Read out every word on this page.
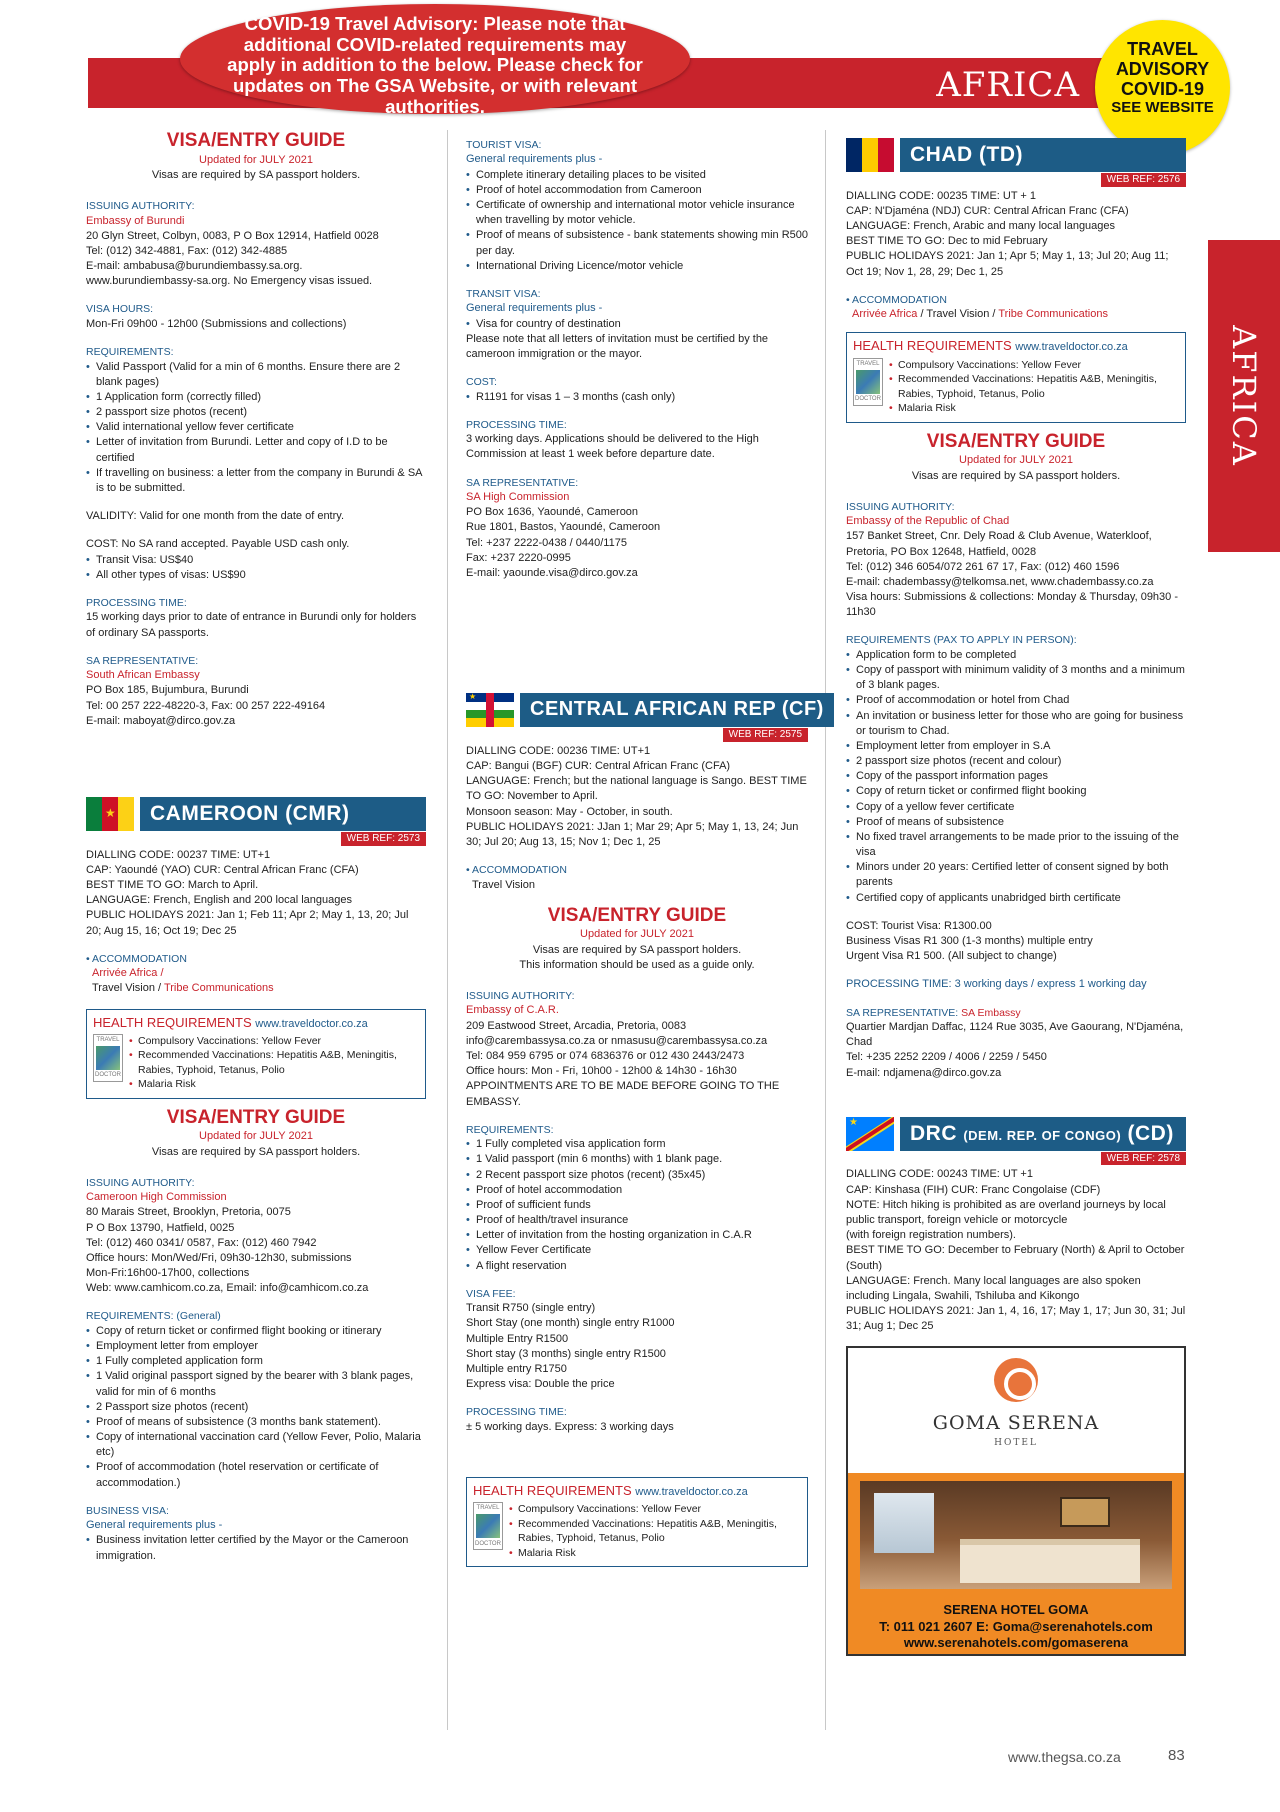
COVID-19 Travel Advisory: Please note that additional COVID-related requirements may apply in addition to the below. Please check for updates on The GSA Website, or with relevant authorities.
AFRICA
TRAVEL
ADVISORY
COVID-19
SEE WEBSITE
AFRICA
VISA/ENTRY GUIDE
Updated for JULY 2021
Visas are required by SA passport holders.
ISSUING AUTHORITY:

Embassy of Burundi

20 Glyn Street, Colbyn, 0083, P O Box 12914, Hatfield 0028

Tel: (012) 342-4881, Fax: (012) 342-4885

E-mail: ambabusa@burundiembassy.sa.org.

www.burundiembassy-sa.org. No Emergency visas issued.

VISA HOURS:

Mon-Fri 09h00 - 12h00 (Submissions and collections)

REQUIREMENTS:
• Valid Passport (Valid for a min of 6 months. Ensure there are 2 blank pages)
• 1 Application form (correctly filled)
• 2 passport size photos (recent)
• Valid international yellow fever certificate
• Letter of invitation from Burundi. Letter and copy of I.D to be certified
• If travelling on business: a letter from the company in Burundi & SA is to be submitted.

VALIDITY: Valid for one month from the date of entry.

COST: No SA rand accepted. Payable USD cash only.

• Transit Visa: US$40
• All other types of visas: US$90
PROCESSING TIME:

15 working days prior to date of entrance in Burundi only for holders of ordinary SA passports.

SA REPRESENTATIVE:

South African Embassy

PO Box 185, Bujumbura, Burundi

Tel: 00 257 222-48220-3, Fax: 00 257 222-49164

E-mail: maboyat@dirco.gov.za

★	CAMEROON (CMR)
WEB REF: 2573

DIALLING CODE: 00237 TIME: UT+1

CAP: Yaoundé (YAO) CUR: Central African Franc (CFA)

BEST TIME TO GO: March to April.

LANGUAGE: French, English and 200 local languages

PUBLIC HOLIDAYS 2021: Jan 1; Feb 11; Apr 2; May 1, 13, 20; Jul 20; Aug 15, 16; Oct 19; Dec 25

• ACCOMMODATION

Arrivée Africa /

Travel Vision / Tribe Communications

HEALTH REQUIREMENTS www.traveldoctor.co.za
TRAVEL
DOCTOR
• Compulsory Vaccinations: Yellow Fever
• Recommended Vaccinations: Hepatitis A&B, Meningitis, Rabies, Typhoid, Tetanus, Polio
• Malaria Risk
VISA/ENTRY GUIDE
Updated for JULY 2021
Visas are required by SA passport holders.
ISSUING AUTHORITY:

Cameroon High Commission

80 Marais Street, Brooklyn, Pretoria, 0075

P O Box 13790, Hatfield, 0025

Tel: (012) 460 0341/ 0587, Fax: (012) 460 7942

Office hours: Mon/Wed/Fri, 09h30-12h30, submissions

Mon-Fri:16h00-17h00, collections

Web: www.camhicom.co.za, Email: info@camhicom.co.za

REQUIREMENTS: (General)
• Copy of return ticket or confirmed flight booking or itinerary
• Employment letter from employer
• 1 Fully completed application form
• 1 Valid original passport signed by the bearer with 3 blank pages, valid for min of 6 months
• 2 Passport size photos (recent)
• Proof of means of subsistence (3 months bank statement).
• Copy of international vaccination card (Yellow Fever, Polio, Malaria etc)
• Proof of accommodation (hotel reservation or certificate of accommodation.)
BUSINESS VISA:

General requirements plus -

• Business invitation letter certified by the Mayor or the Cameroon immigration.
TOURIST VISA:

General requirements plus -

• Complete itinerary detailing places to be visited
• Proof of hotel accommodation from Cameroon
• Certificate of ownership and international motor vehicle insurance when travelling by motor vehicle.
• Proof of means of subsistence - bank statements showing min R500 per day.
• International Driving Licence/motor vehicle
TRANSIT VISA:

General requirements plus -

• Visa for country of destination

Please note that all letters of invitation must be certified by the cameroon immigration or the mayor.

COST:
• R1191 for visas 1 – 3 months (cash only)
PROCESSING TIME:

3 working days. Applications should be delivered to the High Commission at least 1 week before departure date.

SA REPRESENTATIVE:

SA High Commission

PO Box 1636, Yaoundé, Cameroon

Rue 1801, Bastos, Yaoundé, Cameroon

Tel: +237 2222-0438 / 0440/1175

Fax: +237 2220-0995

E-mail: yaounde.visa@dirco.gov.za

★
CENTRAL AFRICAN REP (CF)
WEB REF: 2575

DIALLING CODE: 00236 TIME: UT+1

CAP: Bangui (BGF) CUR: Central African Franc (CFA)

LANGUAGE: French; but the national language is Sango. BEST TIME TO GO: November to April.

Monsoon season: May - October, in south.

PUBLIC HOLIDAYS 2021: JJan 1; Mar 29; Apr 5; May 1, 13, 24; Jun 30; Jul 20; Aug 13, 15; Nov 1; Dec 1, 25

• ACCOMMODATION

Travel Vision

VISA/ENTRY GUIDE
Updated for JULY 2021
Visas are required by SA passport holders.
This information should be used as a guide only.
ISSUING AUTHORITY:

Embassy of C.A.R.

209 Eastwood Street, Arcadia, Pretoria, 0083

info@carembassysa.co.za or nmasusu@carembassysa.co.za

Tel: 084 959 6795 or 074 6836376 or 012 430 2443/2473

Office hours: Mon - Fri, 10h00 - 12h00 & 14h30 - 16h30

APPOINTMENTS ARE TO BE MADE BEFORE GOING TO THE EMBASSY.

REQUIREMENTS:
• 1 Fully completed visa application form
• 1 Valid passport (min 6 months) with 1 blank page.
• 2 Recent passport size photos (recent) (35x45)
• Proof of hotel accommodation
• Proof of sufficient funds
• Proof of health/travel insurance
• Letter of invitation from the hosting organization in C.A.R
• Yellow Fever Certificate
• A flight reservation
VISA FEE:

Transit R750 (single entry)

Short Stay (one month) single entry R1000

Multiple Entry R1500

Short stay (3 months) single entry R1500

Multiple entry R1750

Express visa: Double the price

PROCESSING TIME:

± 5 working days. Express: 3 working days

HEALTH REQUIREMENTS www.traveldoctor.co.za
TRAVEL
DOCTOR
• Compulsory Vaccinations: Yellow Fever
• Recommended Vaccinations: Hepatitis A&B, Meningitis, Rabies, Typhoid, Tetanus, Polio
• Malaria Risk
CHAD (TD)
WEB REF: 2576

DIALLING CODE: 00235 TIME: UT + 1

CAP: N'Djaména (NDJ) CUR: Central African Franc (CFA)

LANGUAGE: French, Arabic and many local languages

BEST TIME TO GO: Dec to mid February

PUBLIC HOLIDAYS 2021: Jan 1; Apr 5; May 1, 13; Jul 20; Aug 11; Oct 19; Nov 1, 28, 29; Dec 1, 25

• ACCOMMODATION

Arrivée Africa / Travel Vision / Tribe Communications

HEALTH REQUIREMENTS www.traveldoctor.co.za
TRAVEL
DOCTOR
• Compulsory Vaccinations: Yellow Fever
• Recommended Vaccinations: Hepatitis A&B, Meningitis, Rabies, Typhoid, Tetanus, Polio
• Malaria Risk
VISA/ENTRY GUIDE
Updated for JULY 2021
Visas are required by SA passport holders.
ISSUING AUTHORITY:

Embassy of the Republic of Chad

157 Banket Street, Cnr. Dely Road & Club Avenue, Waterkloof, Pretoria, PO Box 12648, Hatfield, 0028

Tel: (012) 346 6054/072 261 67 17, Fax: (012) 460 1596

E-mail: chadembassy@telkomsa.net, www.chadembassy.co.za

Visa hours: Submissions & collections: Monday & Thursday, 09h30 - 11h30

REQUIREMENTS (PAX TO APPLY IN PERSON):
• Application form to be completed
• Copy of passport with minimum validity of 3 months and a minimum of 3 blank pages.
• Proof of accommodation or hotel from Chad
• An invitation or business letter for those who are going for business or tourism to Chad.
• Employment letter from employer in S.A
• 2 passport size photos (recent and colour)
• Copy of the passport information pages
• Copy of return ticket or confirmed flight booking
• Copy of a yellow fever certificate
• Proof of means of subsistence
• No fixed travel arrangements to be made prior to the issuing of the visa
• Minors under 20 years: Certified letter of consent signed by both parents
• Certified copy of applicants unabridged birth certificate

COST: Tourist Visa: R1300.00

Business Visas R1 300 (1-3 months) multiple entry

Urgent Visa R1 500. (All subject to change)

PROCESSING TIME: 3 working days / express 1 working day

SA REPRESENTATIVE: SA Embassy

Quartier Mardjan Daffac, 1124 Rue 3035, Ave Gaourang, N'Djaména, Chad

Tel: +235 2252 2209 / 4006 / 2259 / 5450

E-mail: ndjamena@dirco.gov.za

★	DRC (DEM. REP. OF CONGO) (CD)
WEB REF: 2578

DIALLING CODE: 00243 TIME: UT +1

CAP: Kinshasa (FIH) CUR: Franc Congolaise (CDF)

NOTE: Hitch hiking is prohibited as are overland journeys by local public transport, foreign vehicle or motorcycle

(with foreign registration numbers).

BEST TIME TO GO: December to February (North) & April to October (South)

LANGUAGE: French. Many local languages are also spoken including Lingala, Swahili, Tshiluba and Kikongo

PUBLIC HOLIDAYS 2021: Jan 1, 4, 16, 17; May 1, 17; Jun 30, 31; Jul 31; Aug 1; Dec 25

GOMA SERENA
HOTEL
SERENA HOTEL GOMA
T: 011 021 2607 E: Goma@serenahotels.com
www.serenahotels.com/gomaserena
www.thegsa.co.za	83
